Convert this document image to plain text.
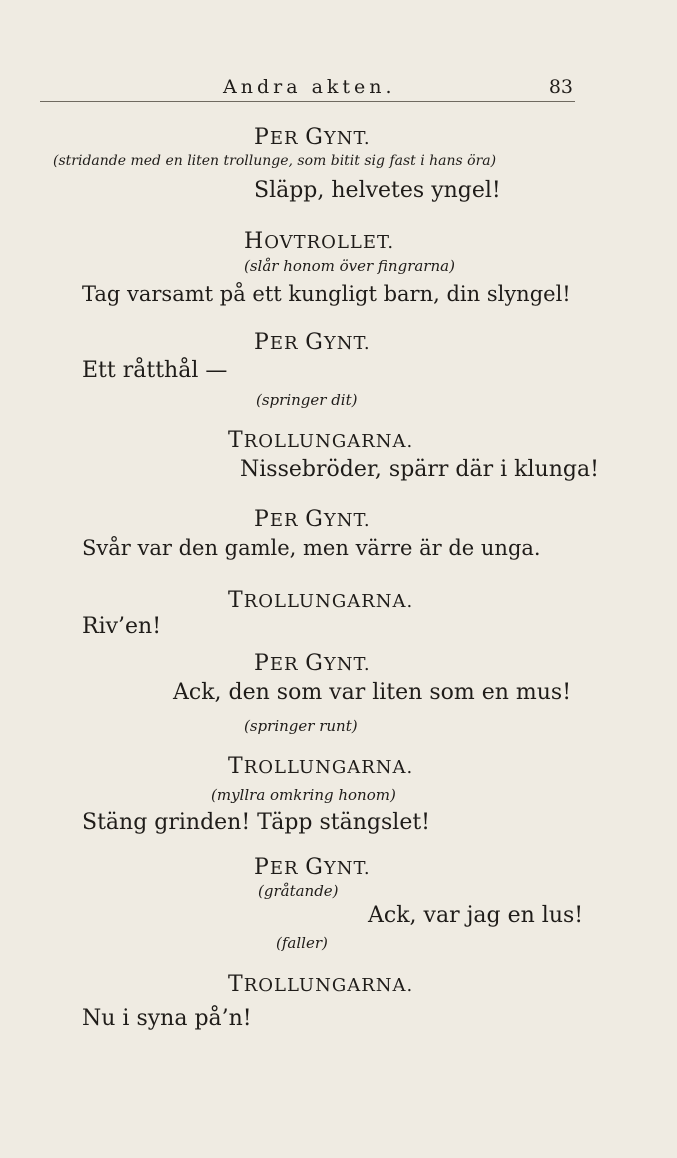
Andra akten.	83
PER GYNT.
(stridande med en liten trollunge, som bitit sig fast i hans öra)
Släpp, helvetes yngel!
HOVTROLLET.
(slår honom över fingrarna)
Tag varsamt på ett kungligt barn, din slyngel!
PER GYNT.
Ett råtthål —
(springer dit)
TROLLUNGARNA.
Nissebröder, spärr där i klunga!
PER GYNT.
Svår var den gamle, men värre är de unga.
TROLLUNGARNA.
Riv’en!
PER GYNT.
Ack, den som var liten som en mus!
(springer runt)
TROLLUNGARNA.
(myllra omkring honom)
Stäng grinden! Täpp stängslet!
PER GYNT.
(gråtande)
Ack, var jag en lus!
(faller)
TROLLUNGARNA.
Nu i syna på’n!
